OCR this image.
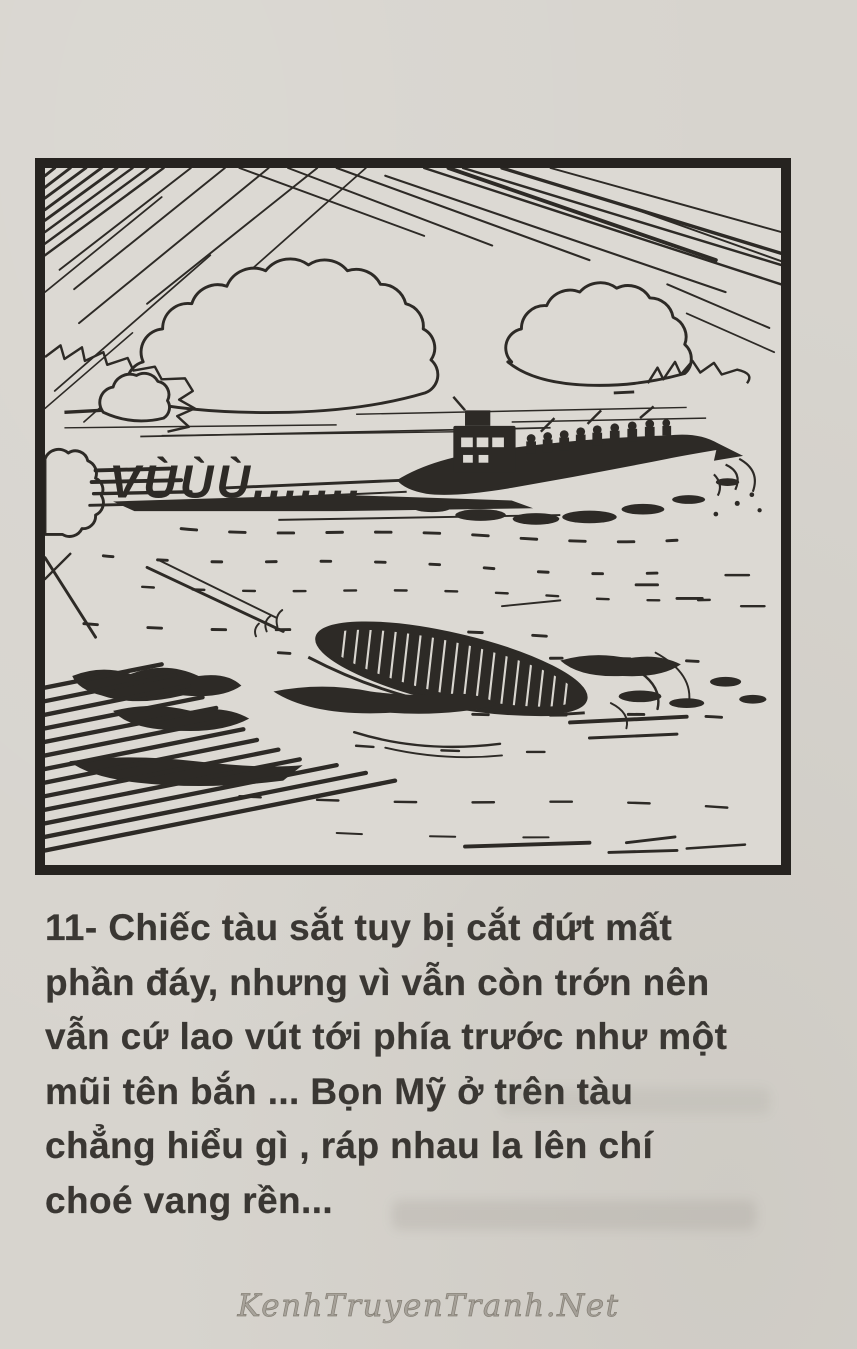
VÙÙÙ.......
11- Chiếc tàu sắt tuy bị cắt đứt mất
phần đáy, nhưng vì vẫn còn trớn nên
vẫn cứ lao vút tới phía trước như một
mũi tên bắn ... Bọn Mỹ ở trên tàu
chẳng hiểu gì , ráp nhau la lên chí
choé vang rền...
KenhTruyenTranh.Net
